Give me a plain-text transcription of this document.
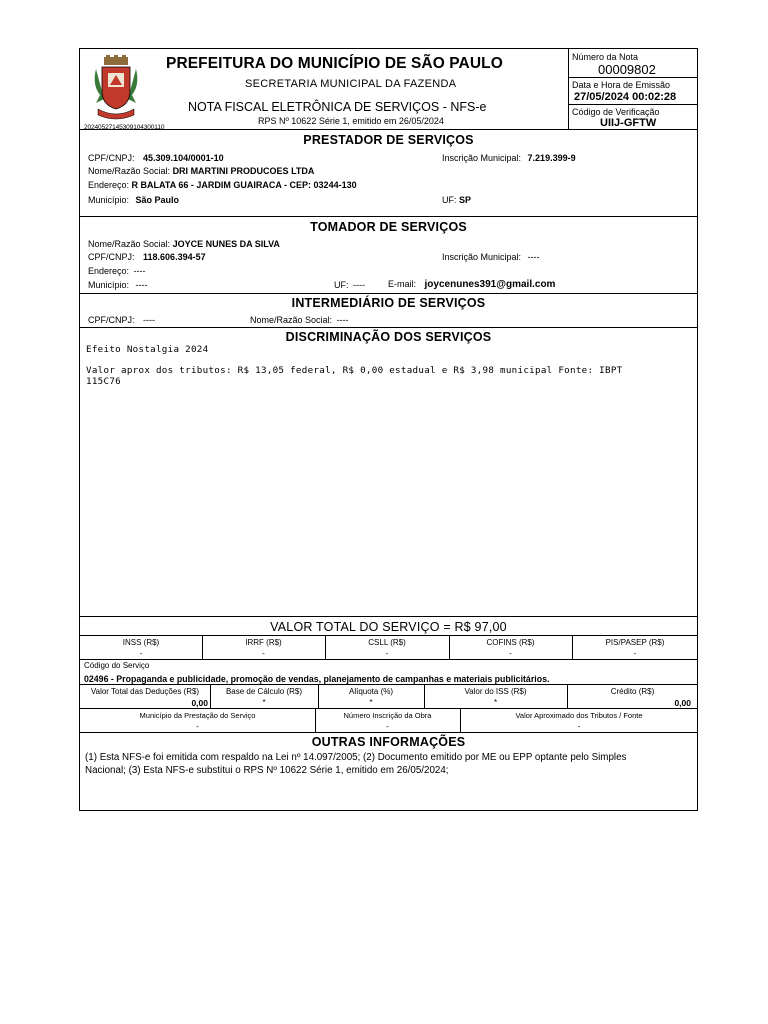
20240527145309104300110
PREFEITURA DO MUNICÍPIO DE SÃO PAULO
SECRETARIA MUNICIPAL DA FAZENDA
NOTA FISCAL ELETRÔNICA DE SERVIÇOS - NFS-e
RPS Nº 10622 Série 1, emitido em 26/05/2024
Número da Nota
00009802
Data e Hora de Emissão
27/05/2024 00:02:28
Código de Verificação
UIIJ-GFTW
PRESTADOR DE SERVIÇOS
CPF/CNPJ: 45.309.104/0001-10	Inscrição Municipal: 7.219.399-9
Nome/Razão Social: DRI MARTINI PRODUCOES LTDA
Endereço: R BALATA 66 - JARDIM GUAIRACA - CEP: 03244-130
Município: São Paulo	UF: SP
TOMADOR DE SERVIÇOS
Nome/Razão Social: JOYCE NUNES DA SILVA
CPF/CNPJ: 118.606.394-57	Inscrição Municipal: ----
Endereço: ----
Município: ----	UF: ----	E-mail: joycenunes391@gmail.com
INTERMEDIÁRIO DE SERVIÇOS
CPF/CNPJ: ----	Nome/Razão Social: ----
DISCRIMINAÇÃO DOS SERVIÇOS
Efeito Nostalgia 2024
Valor aprox dos tributos: R$ 13,05 federal, R$ 0,00 estadual e R$ 3,98 municipal Fonte: IBPT
115C76
VALOR TOTAL DO SERVIÇO = R$ 97,00
INSS (R$)	IRRF (R$)	CSLL (R$)	COFINS (R$)	PIS/PASEP (R$)
-	-	-	-	-
Código do Serviço
02496 - Propaganda e publicidade, promoção de vendas, planejamento de campanhas e materiais publicitários.
Valor Total das Deduções (R$)	Base de Cálculo (R$)	Alíquota (%)	Valor do ISS (R$)	Crédito (R$)
0,00	*	*	*	0,00
Município da Prestação do Serviço	Número Inscrição da Obra	Valor Aproximado dos Tributos / Fonte
-	-	-
OUTRAS INFORMAÇÕES
(1) Esta NFS-e foi emitida com respaldo na Lei nº 14.097/2005; (2) Documento emitido por ME ou EPP optante pelo Simples
Nacional; (3) Esta NFS-e substitui o RPS Nº 10622 Série 1, emitido em 26/05/2024;
